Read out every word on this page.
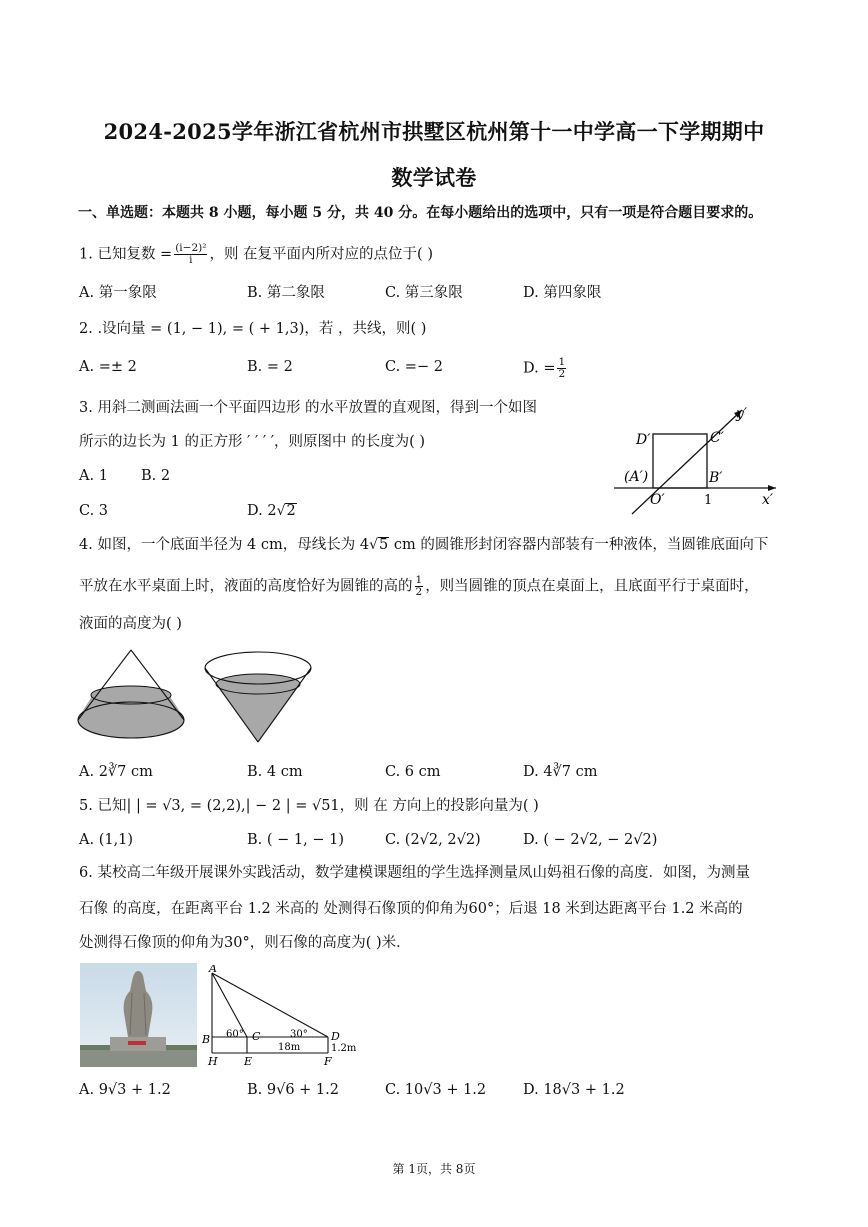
2024-2025学年浙江省杭州市拱墅区杭州第十一中学高一下学期期中
数学试卷
一、单选题：本题共 8 小题，每小题 5 分，共 40 分。在每小题给出的选项中，只有一项是符合题目要求的。
1. 已知复数 = $\frac{\text{(i−2)²}}{i}$ ，则 在复平面内所对应的点位于( )
A. 第一象限	B. 第二象限	C. 第三象限	D. 第四象限
2. .设向量 = (1, − 1), = ( + 1,3)，若 ，共线，则( )
A. =± 2	B. = 2	C. =− 2	D. = $\frac{1}{2}$
3. 用斜二测画法画一个平面四边形 的水平放置的直观图，得到一个如图
所示的边长为 1 的正方形 ′ ′ ′ ′，则原图中 的长度为( )
A. 1 B. 2
C. 3	D. 2√2
D′	C′
(A′)	B′
O′	1	x′
y′
4. 如图，一个底面半径为 4 cm，母线长为 4√5 cm 的圆锥形封闭容器内部装有一种液体，当圆锥底面向下
平放在水平桌面上时，液面的高度恰好为圆锥的高的 $\frac{1}{2}$ ，则当圆锥的顶点在桌面上，且底面平行于桌面时，
液面的高度为( )
A. 2∛7 cm	B. 4 cm	C. 6 cm	D. 4∛7 cm
5. 已知| | = √3, = (2,2),| − 2 | = √51，则 在 方向上的投影向量为( )
A. (1,1)	B. ( − 1, − 1)	C. (2√2, 2√2)	D. ( − 2√2, − 2√2)
6. 某校高二年级开展课外实践活动，数学建模课题组的学生选择测量凤山妈祖石像的高度．如图，为测量
石像 的高度，在距离平台 1.2 米高的 处测得石像顶的仰角为60°；后退 18 米到达距离平台 1.2 米高的
处测得石像顶的仰角为30°，则石像的高度为( )米．
A
B	C	D
H E	F
60°	30°
18m	1.2m
A. 9√3 + 1.2	B. 9√6 + 1.2	C. 10√3 + 1.2	D. 18√3 + 1.2
第 1页，共 8页
